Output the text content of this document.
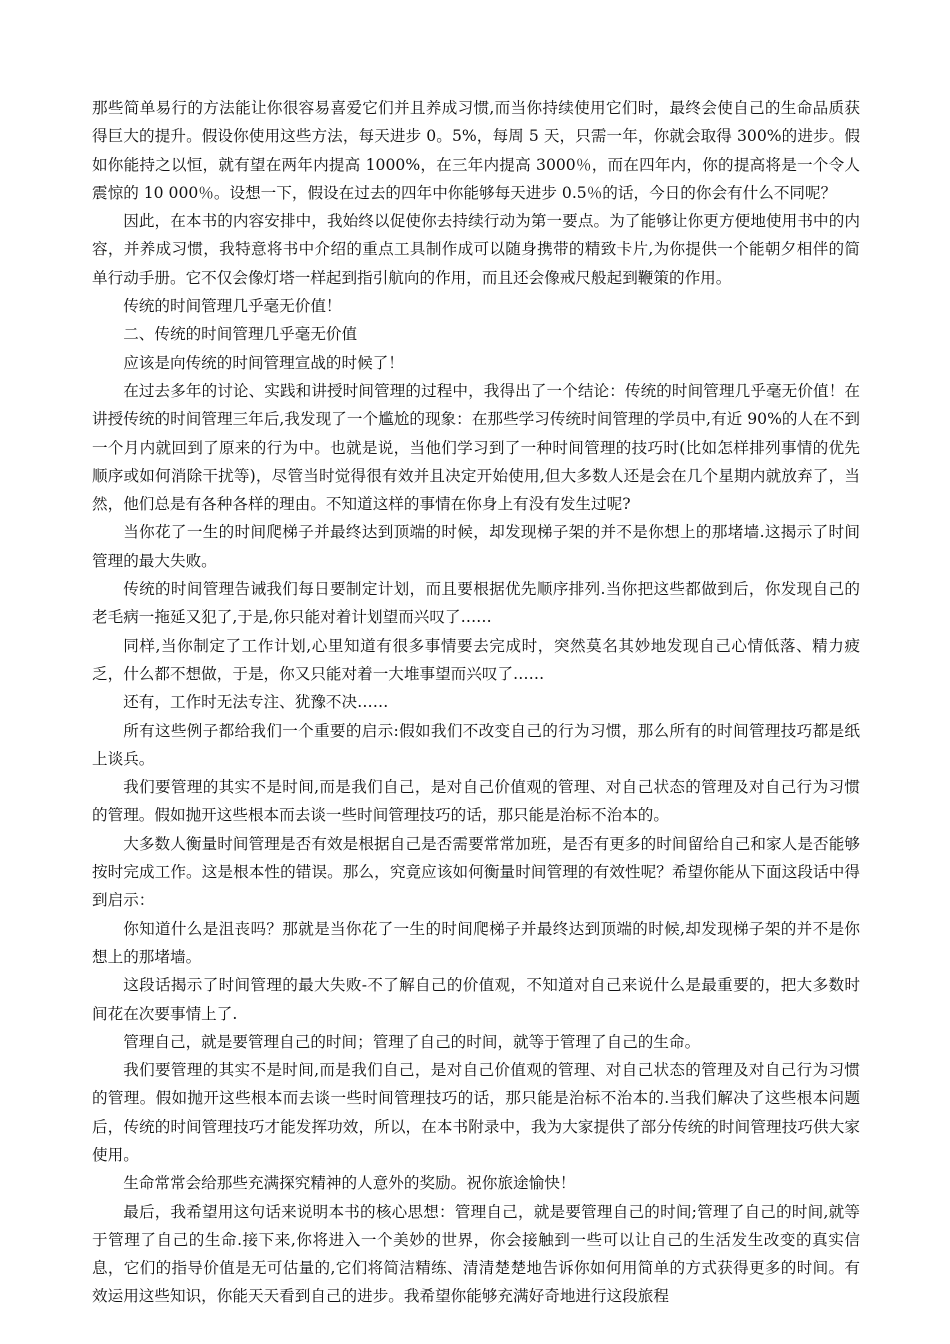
那些简单易行的方法能让你很容易喜爱它们并且养成习惯,而当你持续使用它们时，最终会使自己的生命品质获得巨大的提升。假设你使用这些方法，每天进步 0。5%，每周 5 天，只需一年，你就会取得 300%的进步。假如你能持之以恒，就有望在两年内提高 1000%，在三年内提高 3000％，而在四年内，你的提高将是一个令人震惊的 10 000％。设想一下，假设在过去的四年中你能够每天进步 0.5％的话，今日的你会有什么不同呢？

因此，在本书的内容安排中，我始终以促使你去持续行动为第一要点。为了能够让你更方便地使用书中的内容，并养成习惯，我特意将书中介绍的重点工具制作成可以随身携带的精致卡片,为你提供一个能朝夕相伴的简单行动手册。它不仅会像灯塔一样起到指引航向的作用，而且还会像戒尺般起到鞭策的作用。

传统的时间管理几乎毫无价值！

二、传统的时间管理几乎毫无价值

应该是向传统的时间管理宣战的时候了！

在过去多年的讨论、实践和讲授时间管理的过程中，我得出了一个结论：传统的时间管理几乎毫无价值！在讲授传统的时间管理三年后,我发现了一个尴尬的现象：在那些学习传统时间管理的学员中,有近 90%的人在不到一个月内就回到了原来的行为中。也就是说，当他们学习到了一种时间管理的技巧时(比如怎样排列事情的优先顺序或如何消除干扰等)，尽管当时觉得很有效并且决定开始使用,但大多数人还是会在几个星期内就放弃了，当然，他们总是有各种各样的理由。不知道这样的事情在你身上有没有发生过呢?

当你花了一生的时间爬梯子并最终达到顶端的时候，却发现梯子架的并不是你想上的那堵墙.这揭示了时间管理的最大失败。

传统的时间管理告诫我们每日要制定计划，而且要根据优先顺序排列.当你把这些都做到后，你发现自己的老毛病一拖延又犯了,于是,你只能对着计划望而兴叹了……

同样,当你制定了工作计划,心里知道有很多事情要去完成时，突然莫名其妙地发现自己心情低落、精力疲乏，什么都不想做，于是，你又只能对着一大堆事望而兴叹了……

还有，工作时无法专注、犹豫不决……

所有这些例子都给我们一个重要的启示:假如我们不改变自己的行为习惯，那么所有的时间管理技巧都是纸上谈兵。

我们要管理的其实不是时间,而是我们自己，是对自己价值观的管理、对自己状态的管理及对自己行为习惯的管理。假如抛开这些根本而去谈一些时间管理技巧的话，那只能是治标不治本的。

大多数人衡量时间管理是否有效是根据自己是否需要常常加班，是否有更多的时间留给自己和家人是否能够按时完成工作。这是根本性的错误。那么，究竟应该如何衡量时间管理的有效性呢？希望你能从下面这段话中得到启示：

你知道什么是沮丧吗？那就是当你花了一生的时间爬梯子并最终达到顶端的时候,却发现梯子架的并不是你想上的那堵墙。

这段话揭示了时间管理的最大失败-不了解自己的价值观，不知道对自己来说什么是最重要的，把大多数时间花在次要事情上了.

管理自己，就是要管理自己的时间；管理了自己的时间，就等于管理了自己的生命。

我们要管理的其实不是时间,而是我们自己，是对自己价值观的管理、对自己状态的管理及对自己行为习惯的管理。假如抛开这些根本而去谈一些时间管理技巧的话，那只能是治标不治本的.当我们解决了这些根本问题后，传统的时间管理技巧才能发挥功效，所以，在本书附录中，我为大家提供了部分传统的时间管理技巧供大家使用。

生命常常会给那些充满探究精神的人意外的奖励。祝你旅途愉快！

最后，我希望用这句话来说明本书的核心思想：管理自己，就是要管理自己的时间;管理了自己的时间,就等于管理了自己的生命.接下来,你将进入一个美妙的世界，你会接触到一些可以让自己的生活发生改变的真实信息，它们的指导价值是无可估量的,它们将简洁精练、清清楚楚地告诉你如何用简单的方式获得更多的时间。有效运用这些知识，你能天天看到自己的进步。我希望你能够充满好奇地进行这段旅程
